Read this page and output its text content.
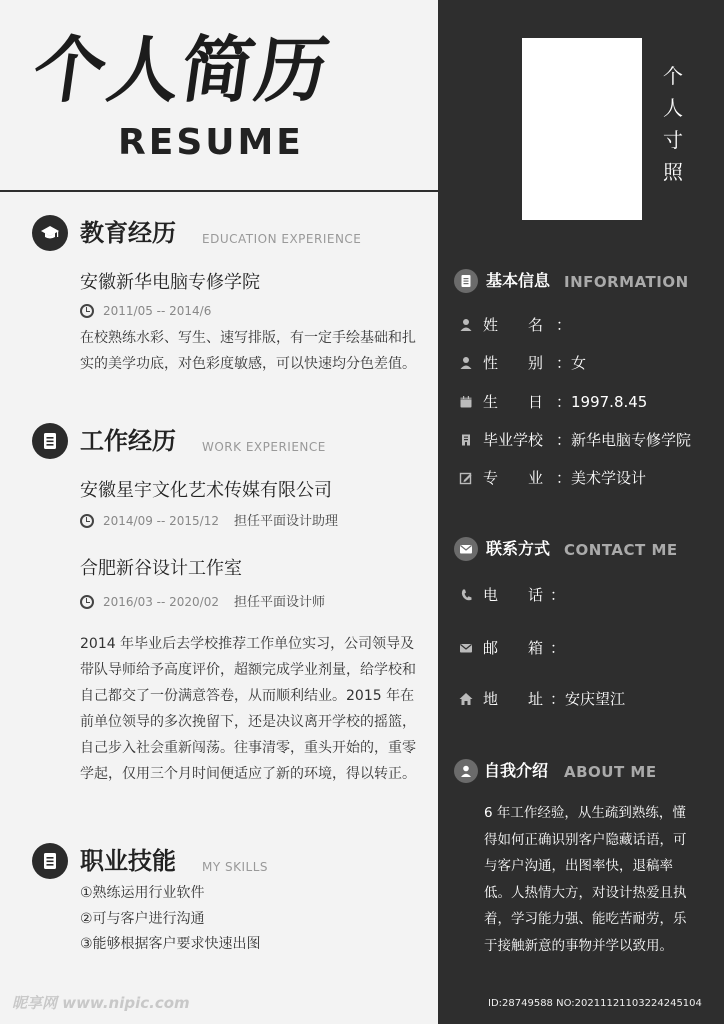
个人简历
RESUME
教育经历 EDUCATION EXPERIENCE
安徽新华电脑专修学院
2011/05 -- 2014/6

在校熟练水彩、写生、速写排版，有一定手绘基础和扎实的美学功底，对色彩度敏感，可以快速均分色差值。

工作经历 WORK EXPERIENCE
安徽星宇文化艺术传媒有限公司
2014/09 -- 2015/12 担任平面设计助理
合肥新谷设计工作室
2016/03 -- 2020/02 担任平面设计师

2014 年毕业后去学校推荐工作单位实习，公司领导及带队导师给予高度评价，超额完成学业剂量，给学校和自己都交了一份满意答卷，从而顺利结业。2015 年在前单位领导的多次挽留下，还是决议离开学校的摇篮，自己步入社会重新闯荡。往事清零，重头开始的，重零学起，仅用三个月时间便适应了新的环境，得以转正。

职业技能 MY SKILLS
①熟练运用行业软件
②可与客户进行沟通
③能够根据客户要求快速出图
个人寸照
基本信息 INFORMATION
姓　　名 ：
性　　别 ：女
生　　日 ：1997.8.45
毕业学校 ：新华电脑专修学院
专　　业 ：美术学设计
联系方式 CONTACT ME
电　　话 ：
邮　　箱 ：
地　　址 ：安庆望江
自我介绍 ABOUT ME

6 年工作经验，从生疏到熟练，懂得如何正确识别客户隐藏话语，可与客户沟通，出图率快，退稿率低。人热情大方，对设计热爱且执着，学习能力强、能吃苦耐劳，乐于接触新意的事物并学以致用。

昵享网 www.nipic.com	ID:28749588 NO:20211121103224245104
